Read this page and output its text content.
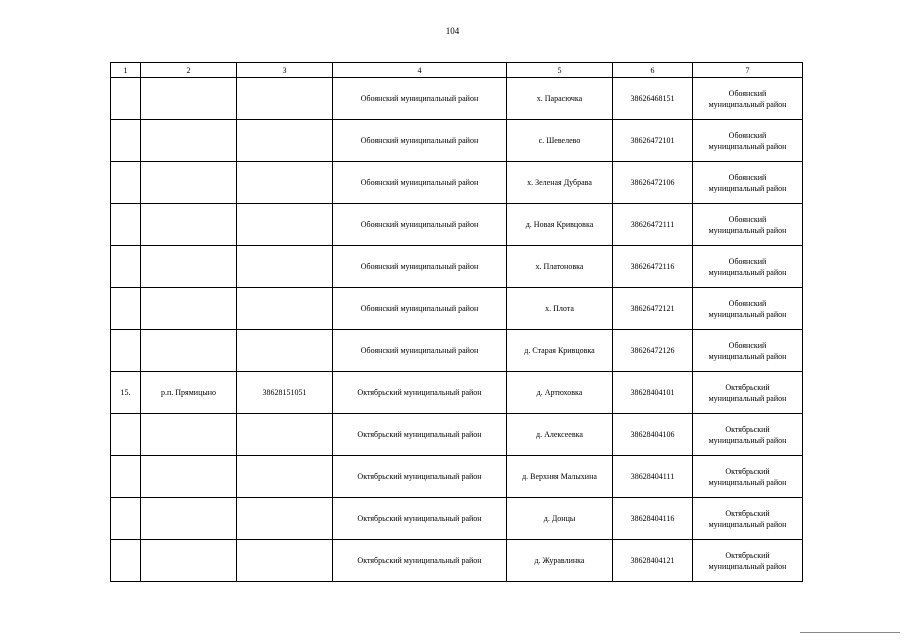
104
1	2	3	4	5	6	7
			Обоянский муниципальный район	х. Парасючка	38626468151	Обоянский
муниципальный район

			Обоянский муниципальный район	с. Шевелево	38626472101	Обоянский
муниципальный район

			Обоянский муниципальный район	х. Зеленая Дубрава	38626472106	Обоянский
муниципальный район

			Обоянский муниципальный район	д. Новая Кривцовка	38626472111	Обоянский
муниципальный район

			Обоянский муниципальный район	х. Платоновка	38626472116	Обоянский
муниципальный район

			Обоянский муниципальный район	х. Плота	38626472121	Обоянский
муниципальный район

			Обоянский муниципальный район	д. Старая Кривцовка	38626472126	Обоянский
муниципальный район

15.	р.п. Прямицыно	38628151051	Октябрьский муниципальный район	д. Артюховка	38628404101	Октябрьский
муниципальный район

			Октябрьский муниципальный район	д. Алексеевка	38628404106	Октябрьский
муниципальный район

			Октябрьский муниципальный район	д. Верхняя Малыхина	38628404111	Октябрьский
муниципальный район

			Октябрьский муниципальный район	д. Донцы	38628404116	Октябрьский
муниципальный район

			Октябрьский муниципальный район	д. Журавлинка	38628404121	Октябрьский
муниципальный район
